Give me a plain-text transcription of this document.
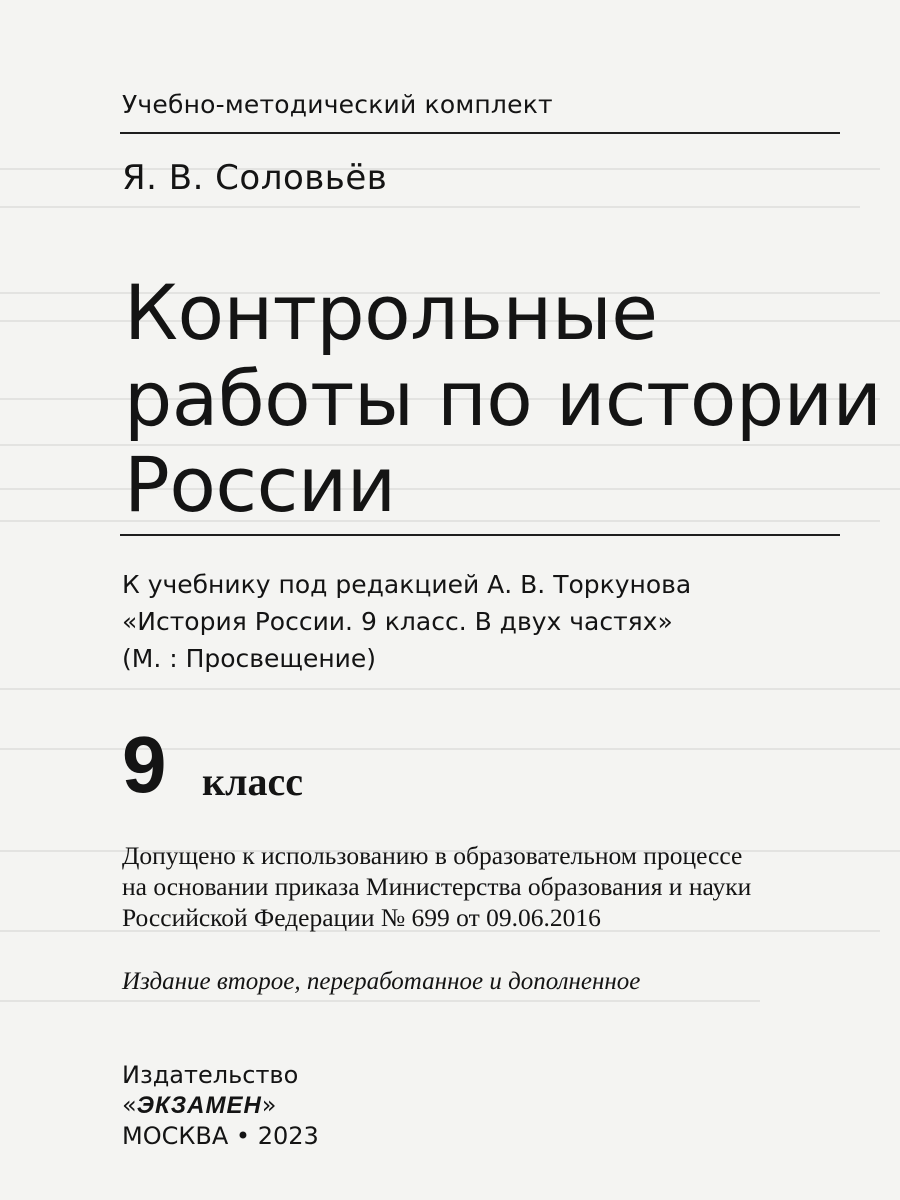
Учебно-методический комплект
Я. В. Соловьёв
Контрольные
работы по истории
России
К учебнику под редакцией А. В. Торкунова
«История России. 9 класс. В двух частях»
(М. : Просвещение)
9 класс
Допущено к использованию в образовательном процессе
на основании приказа Министерства образования и науки
Российской Федерации № 699 от 09.06.2016
Издание второе, переработанное и дополненное
Издательство
«ЭКЗАМЕН»
МОСКВА • 2023
